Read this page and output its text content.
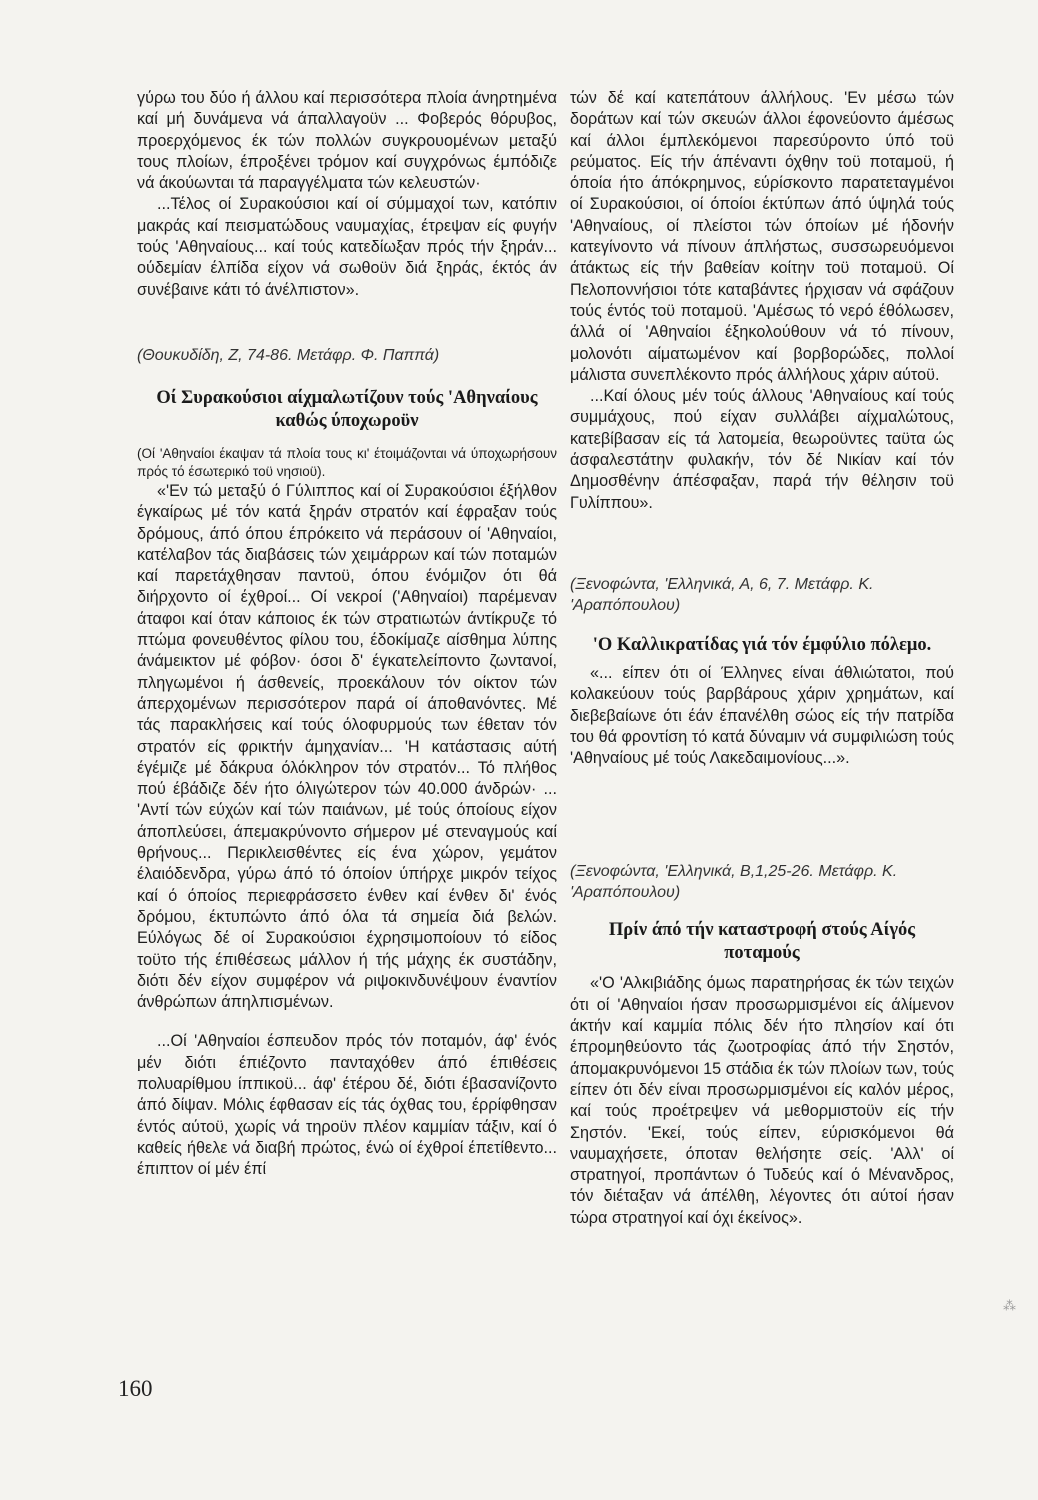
γύρω του δύο ή άλλου καί περισσότερα πλοία άνηρτημένα καί μή δυνάμενα νά άπαλλαγοϋν ... Φοβερός θόρυβος, προερχόμενος έκ τών πολλών συγκρουομένων μεταξύ τους πλοίων, έπροξένει τρόμον καί συγχρόνως έμπόδιζε νά άκούωνται τά παραγγέλματα τών κελευστών·

...Τέλος οί Συρακούσιοι καί οί σύμμαχοί των, κατόπιν μακράς καί πεισματώδους ναυμαχίας, έτρεψαν είς φυγήν τούς 'Αθηναίους... καί τούς κατεδίωξαν πρός τήν ξηράν... ούδεμίαν έλπίδα είχον νά σωθοϋν διά ξηράς, έκτός άν συνέβαινε κάτι τό άνέλπιστον».

(Θουκυδίδη, Ζ, 74-86. Μετάφρ. Φ. Παππά)

Οί Συρακούσιοι αίχμαλωτίζουν τούς 'Αθηναίους καθώς ύποχωροϋν

(Οί 'Αθηναίοι έκαψαν τά πλοία τους κι' έτοιμάζονται νά ύποχωρήσουν πρός τό έσωτερικό τοϋ νησιοϋ).

«'Εν τώ μεταξύ ό Γύλιππος καί οί Συρακούσιοι έξήλθον έγκαίρως μέ τόν κατά ξηράν στρατόν καί έφραξαν τούς δρόμους, άπό όπου έπρόκειτο νά περάσουν οί 'Αθηναίοι, κατέλαβον τάς διαβάσεις τών χειμάρρων καί τών ποταμών καί παρετάχθησαν παντοϋ, όπου ένόμιζον ότι θά διήρχοντο οί έχθροί... Οί νεκροί ('Αθηναίοι) παρέμεναν άταφοι καί όταν κάποιος έκ τών στρατιωτών άντίκρυζε τό πτώμα φονευθέντος φίλου του, έδοκίμαζε αίσθημα λύπης άνάμεικτον μέ φόβον· όσοι δ' έγκατελείποντο ζωντανοί, πληγωμένοι ή άσθενείς, προεκάλουν τόν οίκτον τών άπερχομένων περισσότερον παρά οί άποθανόντες. Μέ τάς παρακλήσεις καί τούς όλοφυρμούς των έθεταν τόν στρατόν είς φρικτήν άμηχανίαν... 'Η κατάστασις αύτή έγέμιζε μέ δάκρυα όλόκληρον τόν στρατόν... Τό πλήθος πού έβάδιζε δέν ήτο όλιγώτερον τών 40.000 άνδρών· ... 'Αντί τών εύχών καί τών παιάνων, μέ τούς όποίους είχον άποπλεύσει, άπεμακρύνοντο σήμερον μέ στεναγμούς καί θρήνους... Περικλεισθέντες είς ένα χώρον, γεμάτον έλαιόδενδρα, γύρω άπό τό όποίον ύπήρχε μικρόν τείχος καί ό όποίος περιεφράσσετο ένθεν καί ένθεν δι' ένός δρόμου, έκτυπώντο άπό όλα τά σημεία διά βελών. Εύλόγως δέ οί Συρακούσιοι έχρησιμοποίουν τό είδος τοϋτο τής έπιθέσεως μάλλον ή τής μάχης έκ συστάδην, διότι δέν είχον συμφέρον νά ριψοκινδυνέψουν έναντίον άνθρώπων άπηλπισμένων.

...Οί 'Αθηναίοι έσπευδον πρός τόν ποταμόν, άφ' ένός μέν διότι έπιέζοντο πανταχόθεν άπό έπιθέσεις πολυαρίθμου ίππικοϋ... άφ' έτέρου δέ, διότι έβασανίζοντο άπό δίψαν. Μόλις έφθασαν είς τάς όχθας του, έρρίφθησαν έντός αύτοϋ, χωρίς νά τηροϋν πλέον καμμίαν τάξιν, καί ό καθείς ήθελε νά διαβή πρώτος, ένώ οί έχθροί έπετίθεντο... έπιπτον οί μέν έπί

τών δέ καί κατεπάτουν άλλήλους. 'Εν μέσω τών δοράτων καί τών σκευών άλλοι έφονεύοντο άμέσως καί άλλοι έμπλεκόμενοι παρεσύροντο ύπό τοϋ ρεύματος. Είς τήν άπέναντι όχθην τοϋ ποταμοϋ, ή όποία ήτο άπόκρημνος, εύρίσκοντο παρατεταγμένοι οί Συρακούσιοι, οί όποίοι έκτύπων άπό ύψηλά τούς 'Αθηναίους, οί πλείστοι τών όποίων μέ ήδονήν κατεγίνοντο νά πίνουν άπλήστως, συσσωρευόμενοι άτάκτως είς τήν βαθείαν κοίτην τοϋ ποταμοϋ. Οί Πελοποννήσιοι τότε καταβάντες ήρχισαν νά σφάζουν τούς έντός τοϋ ποταμοϋ. 'Αμέσως τό νερό έθόλωσεν, άλλά οί 'Αθηναίοι έξηκολούθουν νά τό πίνουν, μολονότι αίματωμένον καί βορβορώδες, πολλοί μάλιστα συνεπλέκοντο πρός άλλήλους χάριν αύτοϋ.

...Καί όλους μέν τούς άλλους 'Αθηναίους καί τούς συμμάχους, πού είχαν συλλάβει αίχμαλώτους, κατεβίβασαν είς τά λατομεία, θεωροϋντες ταϋτα ώς άσφαλεστάτην φυλακήν, τόν δέ Νικίαν καί τόν Δημοσθένην άπέσφαξαν, παρά τήν θέλησιν τοϋ Γυλίππου».

(Ξενοφώντα, 'Ελληνικά, Α, 6, 7. Μετάφρ. Κ. 'Αραπόπουλου)

'Ο Καλλικρατίδας γιά τόν έμφύλιο πόλεμο.

«... είπεν ότι οί Έλληνες είναι άθλιώτατοι, πού κολακεύουν τούς βαρβάρους χάριν χρημάτων, καί διεβεβαίωνε ότι έάν έπανέλθη σώος είς τήν πατρίδα του θά φροντίση τό κατά δύναμιν νά συμφιλιώση τούς 'Αθηναίους μέ τούς Λακεδαιμονίους...».

(Ξενοφώντα, 'Ελληνικά, Β,1,25-26. Μετάφρ. Κ. 'Αραπόπουλου)

Πρίν άπό τήν καταστροφή στούς Αίγός ποταμούς

«'Ο 'Αλκιβιάδης όμως παρατηρήσας έκ τών τειχών ότι οί 'Αθηναίοι ήσαν προσωρμισμένοι είς άλίμενον άκτήν καί καμμία πόλις δέν ήτο πλησίον καί ότι έπρομηθεύοντο τάς ζωοτροφίας άπό τήν Σηστόν, άπομακρυνόμενοι 15 στάδια έκ τών πλοίων των, τούς είπεν ότι δέν είναι προσωρμισμένοι είς καλόν μέρος, καί τούς προέτρεψεν νά μεθορμιστοϋν είς τήν Σηστόν. 'Εκεί, τούς είπεν, εύρισκόμενοι θά ναυμαχήσετε, όποταν θελήσητε σείς. 'Αλλ' οί στρατηγοί, προπάντων ό Τυδεύς καί ό Μένανδρος, τόν διέταξαν νά άπέλθη, λέγοντες ότι αύτοί ήσαν τώρα στρατηγοί καί όχι έκείνος».

160
⁂
